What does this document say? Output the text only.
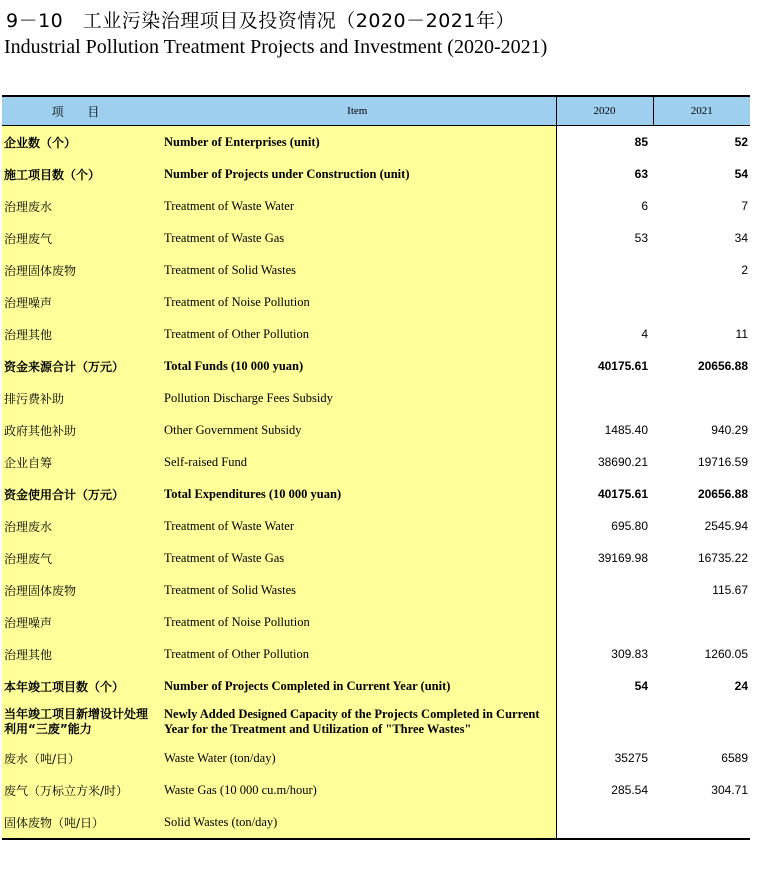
9－10　工业污染治理项目及投资情况（2020－2021年）
Industrial Pollution Treatment Projects and Investment (2020-2021)
项 目	Item	2020	2021
企业数（个）	Number of Enterprises (unit)	85	52
施工项目数（个）	Number of Projects under Construction (unit)	63	54
治理废水	Treatment of Waste Water	6	7
治理废气	Treatment of Waste Gas	53	34
治理固体废物	Treatment of Solid Wastes		2
治理噪声	Treatment of Noise Pollution		
治理其他	Treatment of Other Pollution	4	11
资金来源合计（万元）	Total Funds (10 000 yuan)	40175.61	20656.88
排污费补助	Pollution Discharge Fees Subsidy		
政府其他补助	Other Government Subsidy	1485.40	940.29
企业自筹	Self-raised Fund	38690.21	19716.59
资金使用合计（万元）	Total Expenditures (10 000 yuan)	40175.61	20656.88
治理废水	Treatment of Waste Water	695.80	2545.94
治理废气	Treatment of Waste Gas	39169.98	16735.22
治理固体废物	Treatment of Solid Wastes		115.67
治理噪声	Treatment of Noise Pollution		
治理其他	Treatment of Other Pollution	309.83	1260.05
本年竣工项目数（个）	Number of Projects Completed in Current Year (unit)	54	24
当年竣工项目新增设计处理利用“三废”能力	Newly Added Designed Capacity of the Projects Completed in Current Year for the Treatment and Utilization of "Three Wastes"		
废水（吨/日）	Waste Water (ton/day)	35275	6589
废气（万标立方米/时）	Waste Gas (10 000 cu.m/hour)	285.54	304.71
固体废物（吨/日）	Solid Wastes (ton/day)		
